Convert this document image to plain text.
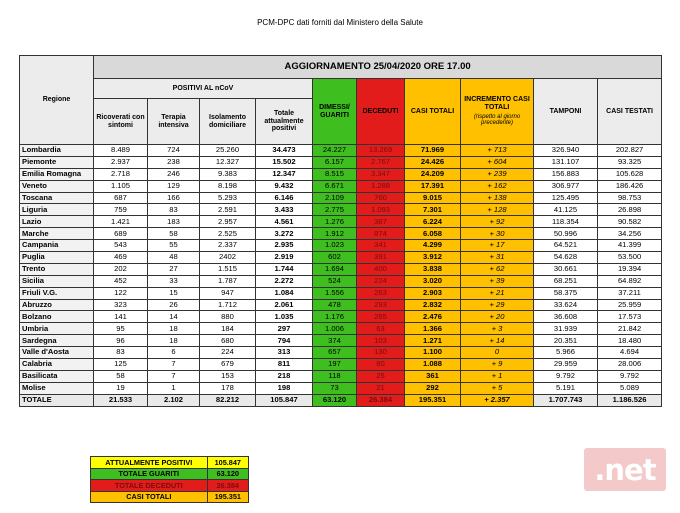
PCM-DPC dati forniti dal Ministero della Salute
Regione	AGGIORNAMENTO 25/04/2020 ORE 17.00									
	POSITIVI AL nCoV				DIMESSI/ GUARITI	DECEDUTI	CASI TOTALI	INCREMENTO CASI TOTALI
(rispetto al giorno precedente)	TAMPONI	CASI TESTATI
	Ricoverati con sintomi	Terapia intensiva	Isolamento domiciliare	Totale attualmente positivi						
Lombardia	8.489	724	25.260	34.473	24.227	13.269	71.969	+ 713	326.940	202.827
Piemonte	2.937	238	12.327	15.502	6.157	2.767	24.426	+ 604	131.107	93.325
Emilia Romagna	2.718	246	9.383	12.347	8.515	3.347	24.209	+ 239	156.883	105.628
Veneto	1.105	129	8.198	9.432	6.671	1.288	17.391	+ 162	306.977	186.426
Toscana	687	166	5.293	6.146	2.109	760	9.015	+ 138	125.495	98.753
Liguria	759	83	2.591	3.433	2.775	1.093	7.301	+ 128	41.125	26.898
Lazio	1.421	183	2.957	4.561	1.276	387	6.224	+ 92	118.354	90.582
Marche	689	58	2.525	3.272	1.912	874	6.058	+ 30	50.996	34.256
Campania	543	55	2.337	2.935	1.023	341	4.299	+ 17	64.521	41.399
Puglia	469	48	2402	2.919	602	391	3.912	+ 31	54.628	53.500
Trento	202	27	1.515	1.744	1.694	400	3.838	+ 62	30.661	19.394
Sicilia	452	33	1.787	2.272	524	224	3.020	+ 39	68.251	64.892
Friuli V.G.	122	15	947	1.084	1.556	263	2.903	+ 21	58.375	37.211
Abruzzo	323	26	1.712	2.061	478	293	2.832	+ 29	33.624	25.959
Bolzano	141	14	880	1.035	1.176	265	2.476	+ 20	36.608	17.573
Umbria	95	18	184	297	1.006	63	1.366	+ 3	31.939	21.842
Sardegna	96	18	680	794	374	103	1.271	+ 14	20.351	18.480
Valle d'Aosta	83	6	224	313	657	130	1.100	0	5.966	4.694
Calabria	125	7	679	811	197	80	1.088	+ 9	29.959	28.006
Basilicata	58	7	153	218	118	25	361	+ 1	9.792	9.792
Molise	19	1	178	198	73	21	292	+ 5	5.191	5.089
TOTALE	21.533	2.102	82.212	105.847	63.120	26.384	195.351	+ 2.357	1.707.743	1.186.526
ATTUALMENTE POSITIVI	105.847
TOTALE GUARITI	63.120
TOTALE DECEDUTI	26.384
CASI TOTALI	195.351
.net
